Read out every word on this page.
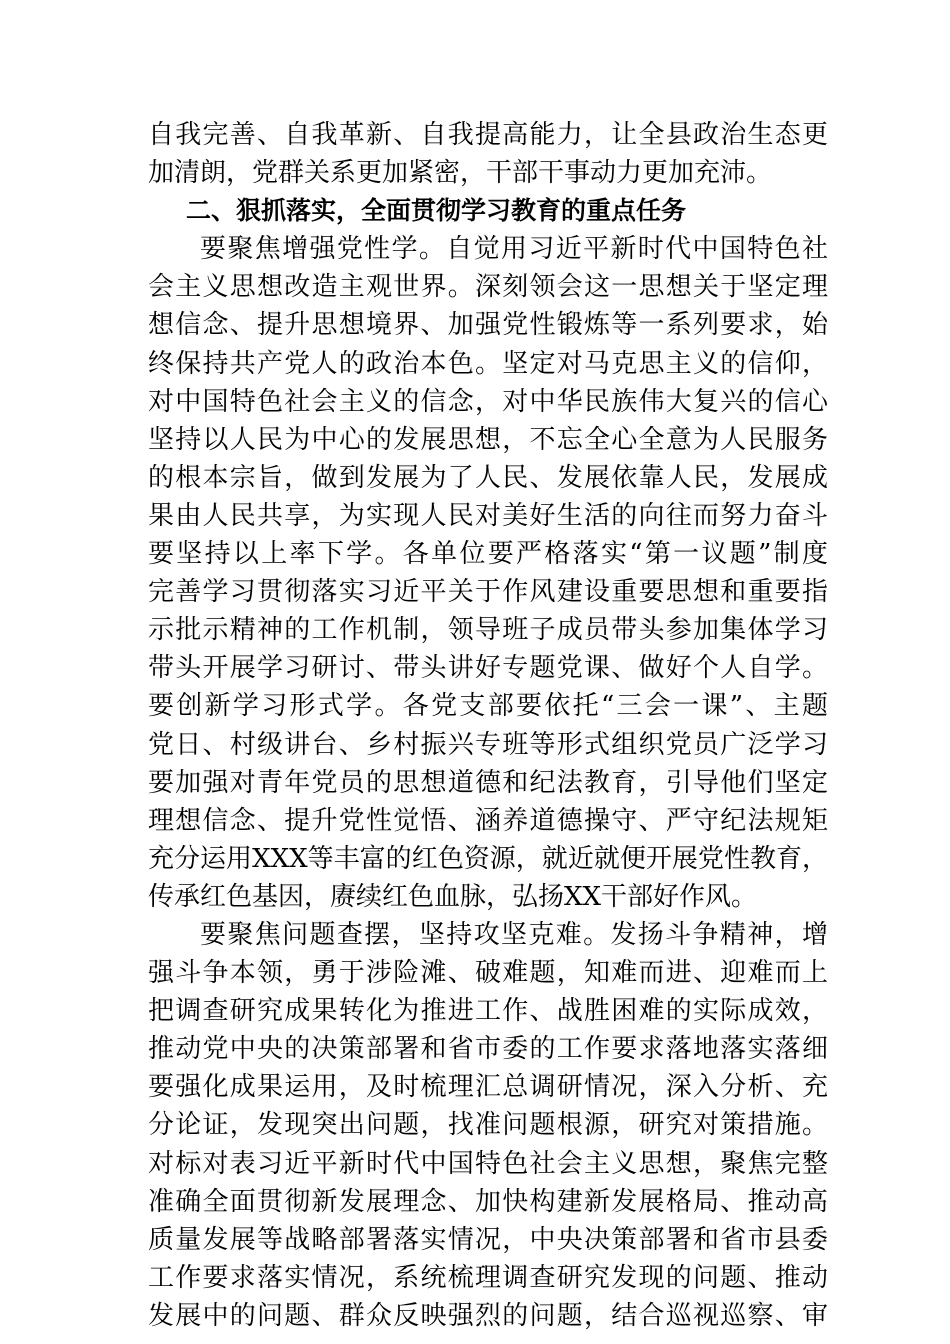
自我完善、自我革新、自我提高能力，让全县政治生态更
加清朗，党群关系更加紧密，干部干事动力更加充沛。
二、狠抓落实，全面贯彻学习教育的重点任务
要聚焦增强党性学。自觉用习近平新时代中国特色社
会主义思想改造主观世界。深刻领会这一思想关于坚定理
想信念、提升思想境界、加强党性锻炼等一系列要求，始
终保持共产党人的政治本色。坚定对马克思主义的信仰，
对中国特色社会主义的信念，对中华民族伟大复兴的信心
坚持以人民为中心的发展思想，不忘全心全意为人民服务
的根本宗旨，做到发展为了人民、发展依靠人民，发展成
果由人民共享，为实现人民对美好生活的向往而努力奋斗
要坚持以上率下学。各单位要严格落实“第一议题”制度
完善学习贯彻落实习近平关于作风建设重要思想和重要指
示批示精神的工作机制，领导班子成员带头参加集体学习
带头开展学习研讨、带头讲好专题党课、做好个人自学。
要创新学习形式学。各党支部要依托“三会一课”、主题
党日、村级讲台、乡村振兴专班等形式组织党员广泛学习
要加强对青年党员的思想道德和纪法教育，引导他们坚定
理想信念、提升党性觉悟、涵养道德操守、严守纪法规矩
充分运用XXX等丰富的红色资源，就近就便开展党性教育，
传承红色基因，赓续红色血脉，弘扬XX干部好作风。
要聚焦问题查摆，坚持攻坚克难。发扬斗争精神，增
强斗争本领，勇于涉险滩、破难题，知难而进、迎难而上
把调查研究成果转化为推进工作、战胜困难的实际成效，
推动党中央的决策部署和省市委的工作要求落地落实落细
要强化成果运用，及时梳理汇总调研情况，深入分析、充
分论证，发现突出问题，找准问题根源，研究对策措施。
对标对表习近平新时代中国特色社会主义思想，聚焦完整
准确全面贯彻新发展理念、加快构建新发展格局、推动高
质量发展等战略部署落实情况，中央决策部署和省市县委
工作要求落实情况，系统梳理调查研究发现的问题、推动
发展中的问题、群众反映强烈的问题，结合巡视巡察、审
